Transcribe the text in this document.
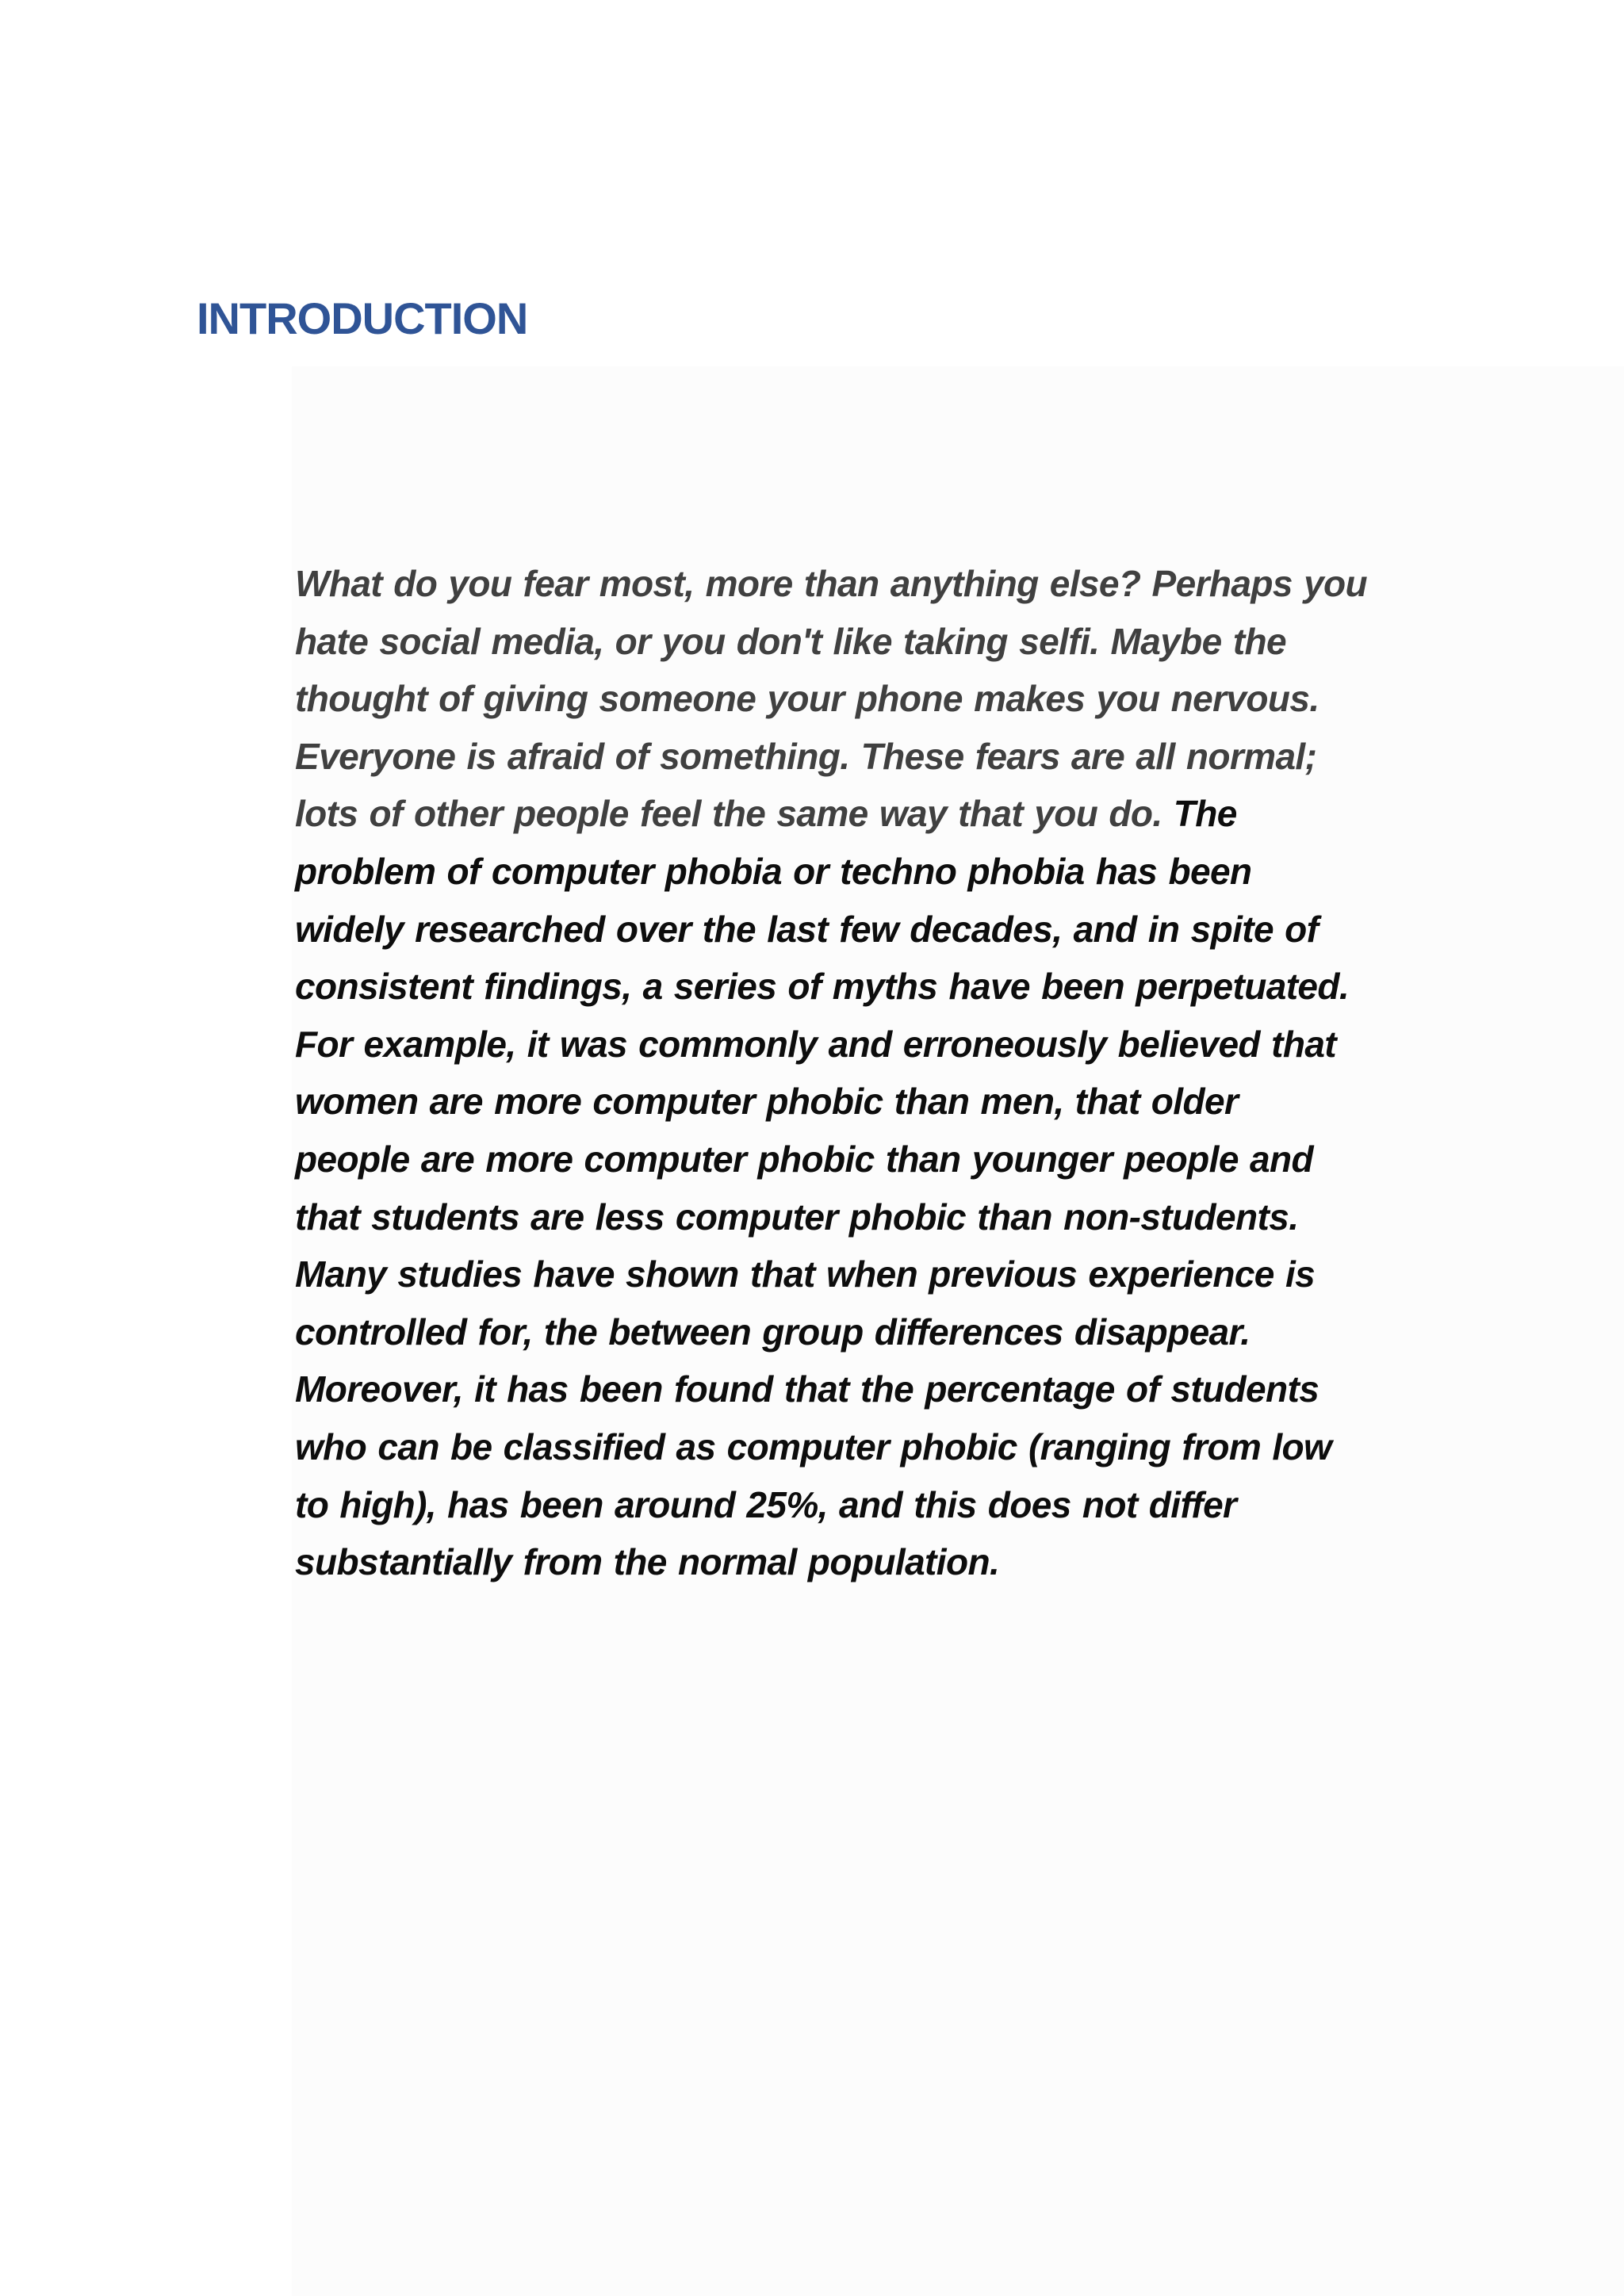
INTRODUCTION

What do you fear most, more than anything else? Perhaps you
hate social media, or you don't like taking selfi. Maybe the
thought of giving someone your phone makes you nervous.
Everyone is afraid of something. These fears are all normal;
lots of other people feel the same way that you do. The
problem of computer phobia or techno phobia has been
widely researched over the last few decades, and in spite of
consistent findings, a series of myths have been perpetuated.
For example, it was commonly and erroneously believed that
women are more computer phobic than men, that older
people are more computer phobic than younger people and
that students are less computer phobic than non-students.
Many studies have shown that when previous experience is
controlled for, the between group differences disappear.
Moreover, it has been found that the percentage of students
who can be classified as computer phobic (ranging from low
to high), has been around 25%, and this does not differ
substantially from the normal population.
